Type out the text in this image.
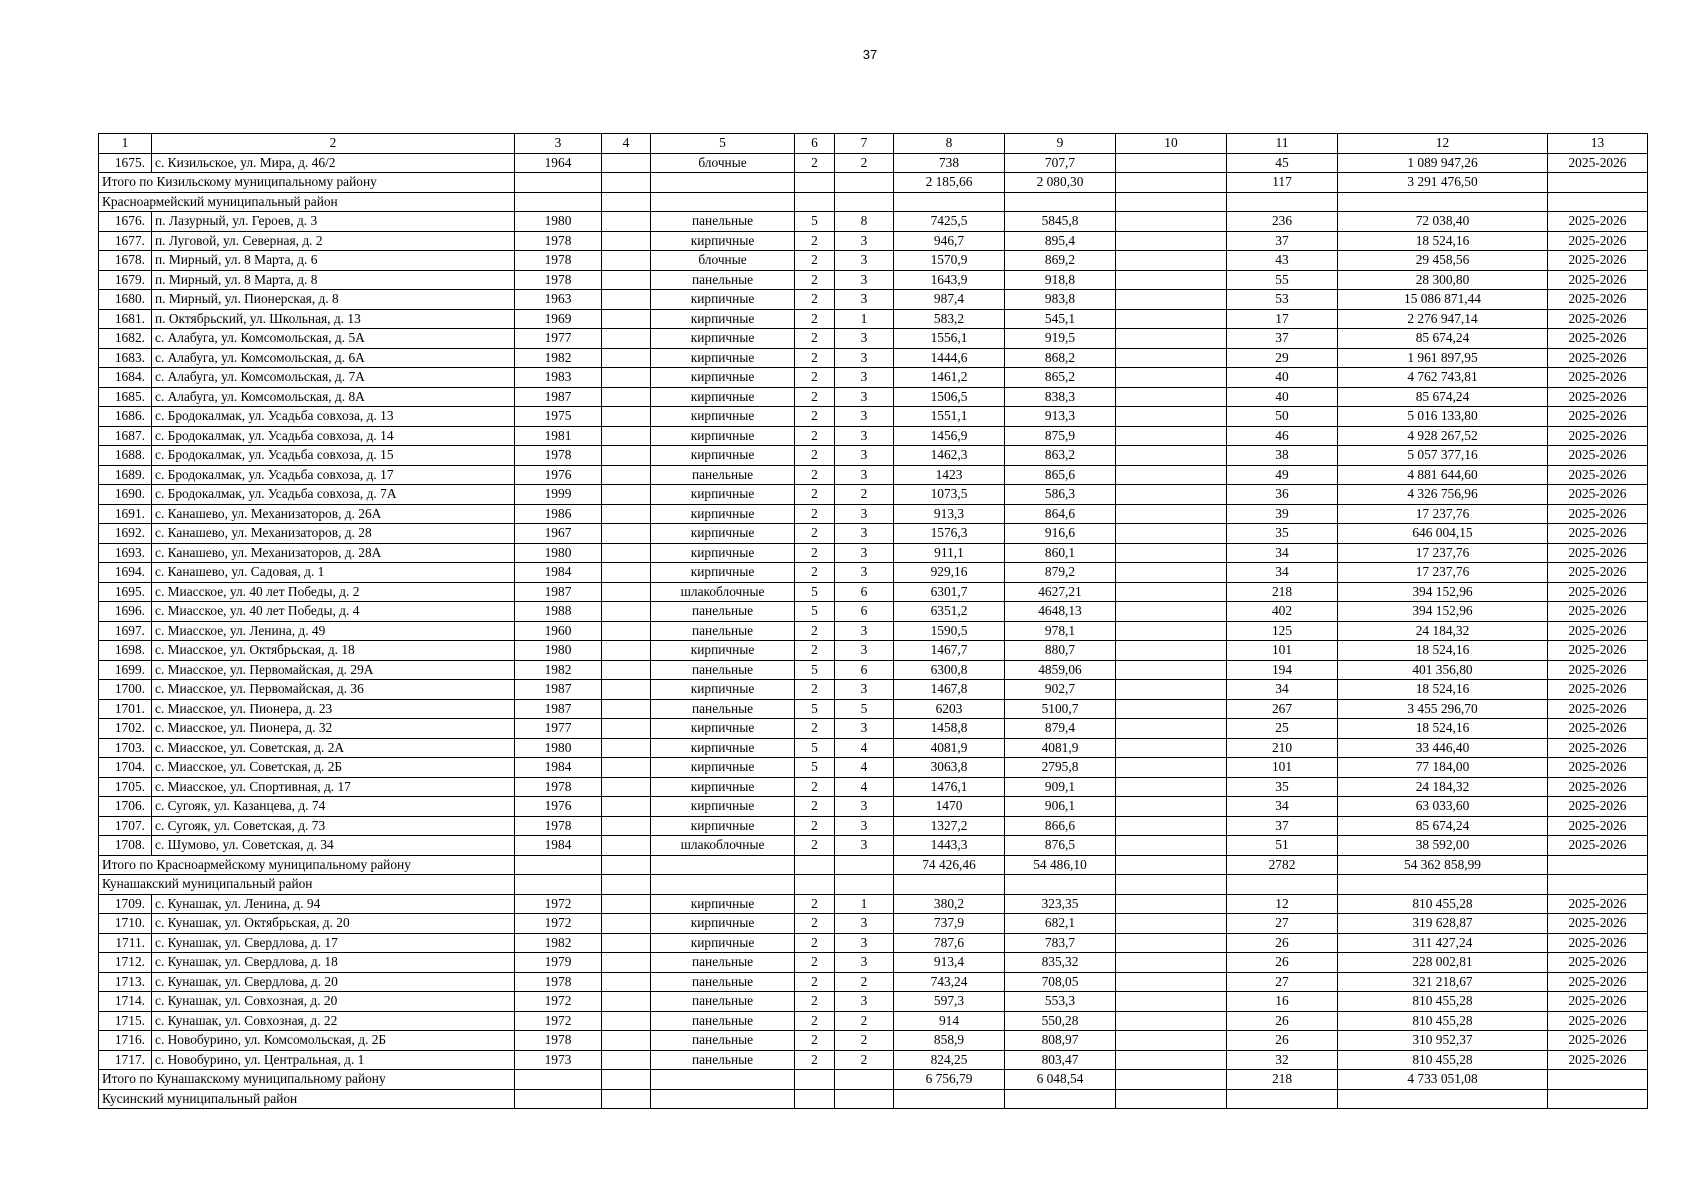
37
1	2	3	4	5	6	7	8	9	10	11	12	13
1675.	с. Кизильское, ул. Мира, д. 46/2	1964		блочные	2	2	738	707,7		45	1 089 947,26	2025-2026
Итого по Кизильскому муниципальному району							2 185,66	2 080,30		117	3 291 476,50	
Красноармейский муниципальный район												
1676.	п. Лазурный, ул. Героев, д. 3	1980		панельные	5	8	7425,5	5845,8		236	72 038,40	2025-2026
1677.	п. Луговой, ул. Северная, д. 2	1978		кирпичные	2	3	946,7	895,4		37	18 524,16	2025-2026
1678.	п. Мирный, ул. 8 Марта, д. 6	1978		блочные	2	3	1570,9	869,2		43	29 458,56	2025-2026
1679.	п. Мирный, ул. 8 Марта, д. 8	1978		панельные	2	3	1643,9	918,8		55	28 300,80	2025-2026
1680.	п. Мирный, ул. Пионерская, д. 8	1963		кирпичные	2	3	987,4	983,8		53	15 086 871,44	2025-2026
1681.	п. Октябрьский, ул. Школьная, д. 13	1969		кирпичные	2	1	583,2	545,1		17	2 276 947,14	2025-2026
1682.	с. Алабуга, ул. Комсомольская, д. 5А	1977		кирпичные	2	3	1556,1	919,5		37	85 674,24	2025-2026
1683.	с. Алабуга, ул. Комсомольская, д. 6А	1982		кирпичные	2	3	1444,6	868,2		29	1 961 897,95	2025-2026
1684.	с. Алабуга, ул. Комсомольская, д. 7А	1983		кирпичные	2	3	1461,2	865,2		40	4 762 743,81	2025-2026
1685.	с. Алабуга, ул. Комсомольская, д. 8А	1987		кирпичные	2	3	1506,5	838,3		40	85 674,24	2025-2026
1686.	с. Бродокалмак, ул. Усадьба совхоза, д. 13	1975		кирпичные	2	3	1551,1	913,3		50	5 016 133,80	2025-2026
1687.	с. Бродокалмак, ул. Усадьба совхоза, д. 14	1981		кирпичные	2	3	1456,9	875,9		46	4 928 267,52	2025-2026
1688.	с. Бродокалмак, ул. Усадьба совхоза, д. 15	1978		кирпичные	2	3	1462,3	863,2		38	5 057 377,16	2025-2026
1689.	с. Бродокалмак, ул. Усадьба совхоза, д. 17	1976		панельные	2	3	1423	865,6		49	4 881 644,60	2025-2026
1690.	с. Бродокалмак, ул. Усадьба совхоза, д. 7А	1999		кирпичные	2	2	1073,5	586,3		36	4 326 756,96	2025-2026
1691.	с. Канашево, ул. Механизаторов, д. 26А	1986		кирпичные	2	3	913,3	864,6		39	17 237,76	2025-2026
1692.	с. Канашево, ул. Механизаторов, д. 28	1967		кирпичные	2	3	1576,3	916,6		35	646 004,15	2025-2026
1693.	с. Канашево, ул. Механизаторов, д. 28А	1980		кирпичные	2	3	911,1	860,1		34	17 237,76	2025-2026
1694.	с. Канашево, ул. Садовая, д. 1	1984		кирпичные	2	3	929,16	879,2		34	17 237,76	2025-2026
1695.	с. Миасское, ул. 40 лет Победы, д. 2	1987		шлакоблочные	5	6	6301,7	4627,21		218	394 152,96	2025-2026
1696.	с. Миасское, ул. 40 лет Победы, д. 4	1988		панельные	5	6	6351,2	4648,13		402	394 152,96	2025-2026
1697.	с. Миасское, ул. Ленина, д. 49	1960		панельные	2	3	1590,5	978,1		125	24 184,32	2025-2026
1698.	с. Миасское, ул. Октябрьская, д. 18	1980		кирпичные	2	3	1467,7	880,7		101	18 524,16	2025-2026
1699.	с. Миасское, ул. Первомайская, д. 29А	1982		панельные	5	6	6300,8	4859,06		194	401 356,80	2025-2026
1700.	с. Миасское, ул. Первомайская, д. 36	1987		кирпичные	2	3	1467,8	902,7		34	18 524,16	2025-2026
1701.	с. Миасское, ул. Пионера, д. 23	1987		панельные	5	5	6203	5100,7		267	3 455 296,70	2025-2026
1702.	с. Миасское, ул. Пионера, д. 32	1977		кирпичные	2	3	1458,8	879,4		25	18 524,16	2025-2026
1703.	с. Миасское, ул. Советская, д. 2А	1980		кирпичные	5	4	4081,9	4081,9		210	33 446,40	2025-2026
1704.	с. Миасское, ул. Советская, д. 2Б	1984		кирпичные	5	4	3063,8	2795,8		101	77 184,00	2025-2026
1705.	с. Миасское, ул. Спортивная, д. 17	1978		кирпичные	2	4	1476,1	909,1		35	24 184,32	2025-2026
1706.	с. Сугояк, ул. Казанцева, д. 74	1976		кирпичные	2	3	1470	906,1		34	63 033,60	2025-2026
1707.	с. Сугояк, ул. Советская, д. 73	1978		кирпичные	2	3	1327,2	866,6		37	85 674,24	2025-2026
1708.	с. Шумово, ул. Советская, д. 34	1984		шлакоблочные	2	3	1443,3	876,5		51	38 592,00	2025-2026
Итого по Красноармейскому муниципальному району							74 426,46	54 486,10		2782	54 362 858,99	
Кунашакский муниципальный район												
1709.	с. Кунашак, ул. Ленина, д. 94	1972		кирпичные	2	1	380,2	323,35		12	810 455,28	2025-2026
1710.	с. Кунашак, ул. Октябрьская, д. 20	1972		кирпичные	2	3	737,9	682,1		27	319 628,87	2025-2026
1711.	с. Кунашак, ул. Свердлова, д. 17	1982		кирпичные	2	3	787,6	783,7		26	311 427,24	2025-2026
1712.	с. Кунашак, ул. Свердлова, д. 18	1979		панельные	2	3	913,4	835,32		26	228 002,81	2025-2026
1713.	с. Кунашак, ул. Свердлова, д. 20	1978		панельные	2	2	743,24	708,05		27	321 218,67	2025-2026
1714.	с. Кунашак, ул. Совхозная, д. 20	1972		панельные	2	3	597,3	553,3		16	810 455,28	2025-2026
1715.	с. Кунашак, ул. Совхозная, д. 22	1972		панельные	2	2	914	550,28		26	810 455,28	2025-2026
1716.	с. Новобурино, ул. Комсомольская, д. 2Б	1978		панельные	2	2	858,9	808,97		26	310 952,37	2025-2026
1717.	с. Новобурино, ул. Центральная, д. 1	1973		панельные	2	2	824,25	803,47		32	810 455,28	2025-2026
Итого по Кунашакскому муниципальному району							6 756,79	6 048,54		218	4 733 051,08	
Кусинский муниципальный район												
